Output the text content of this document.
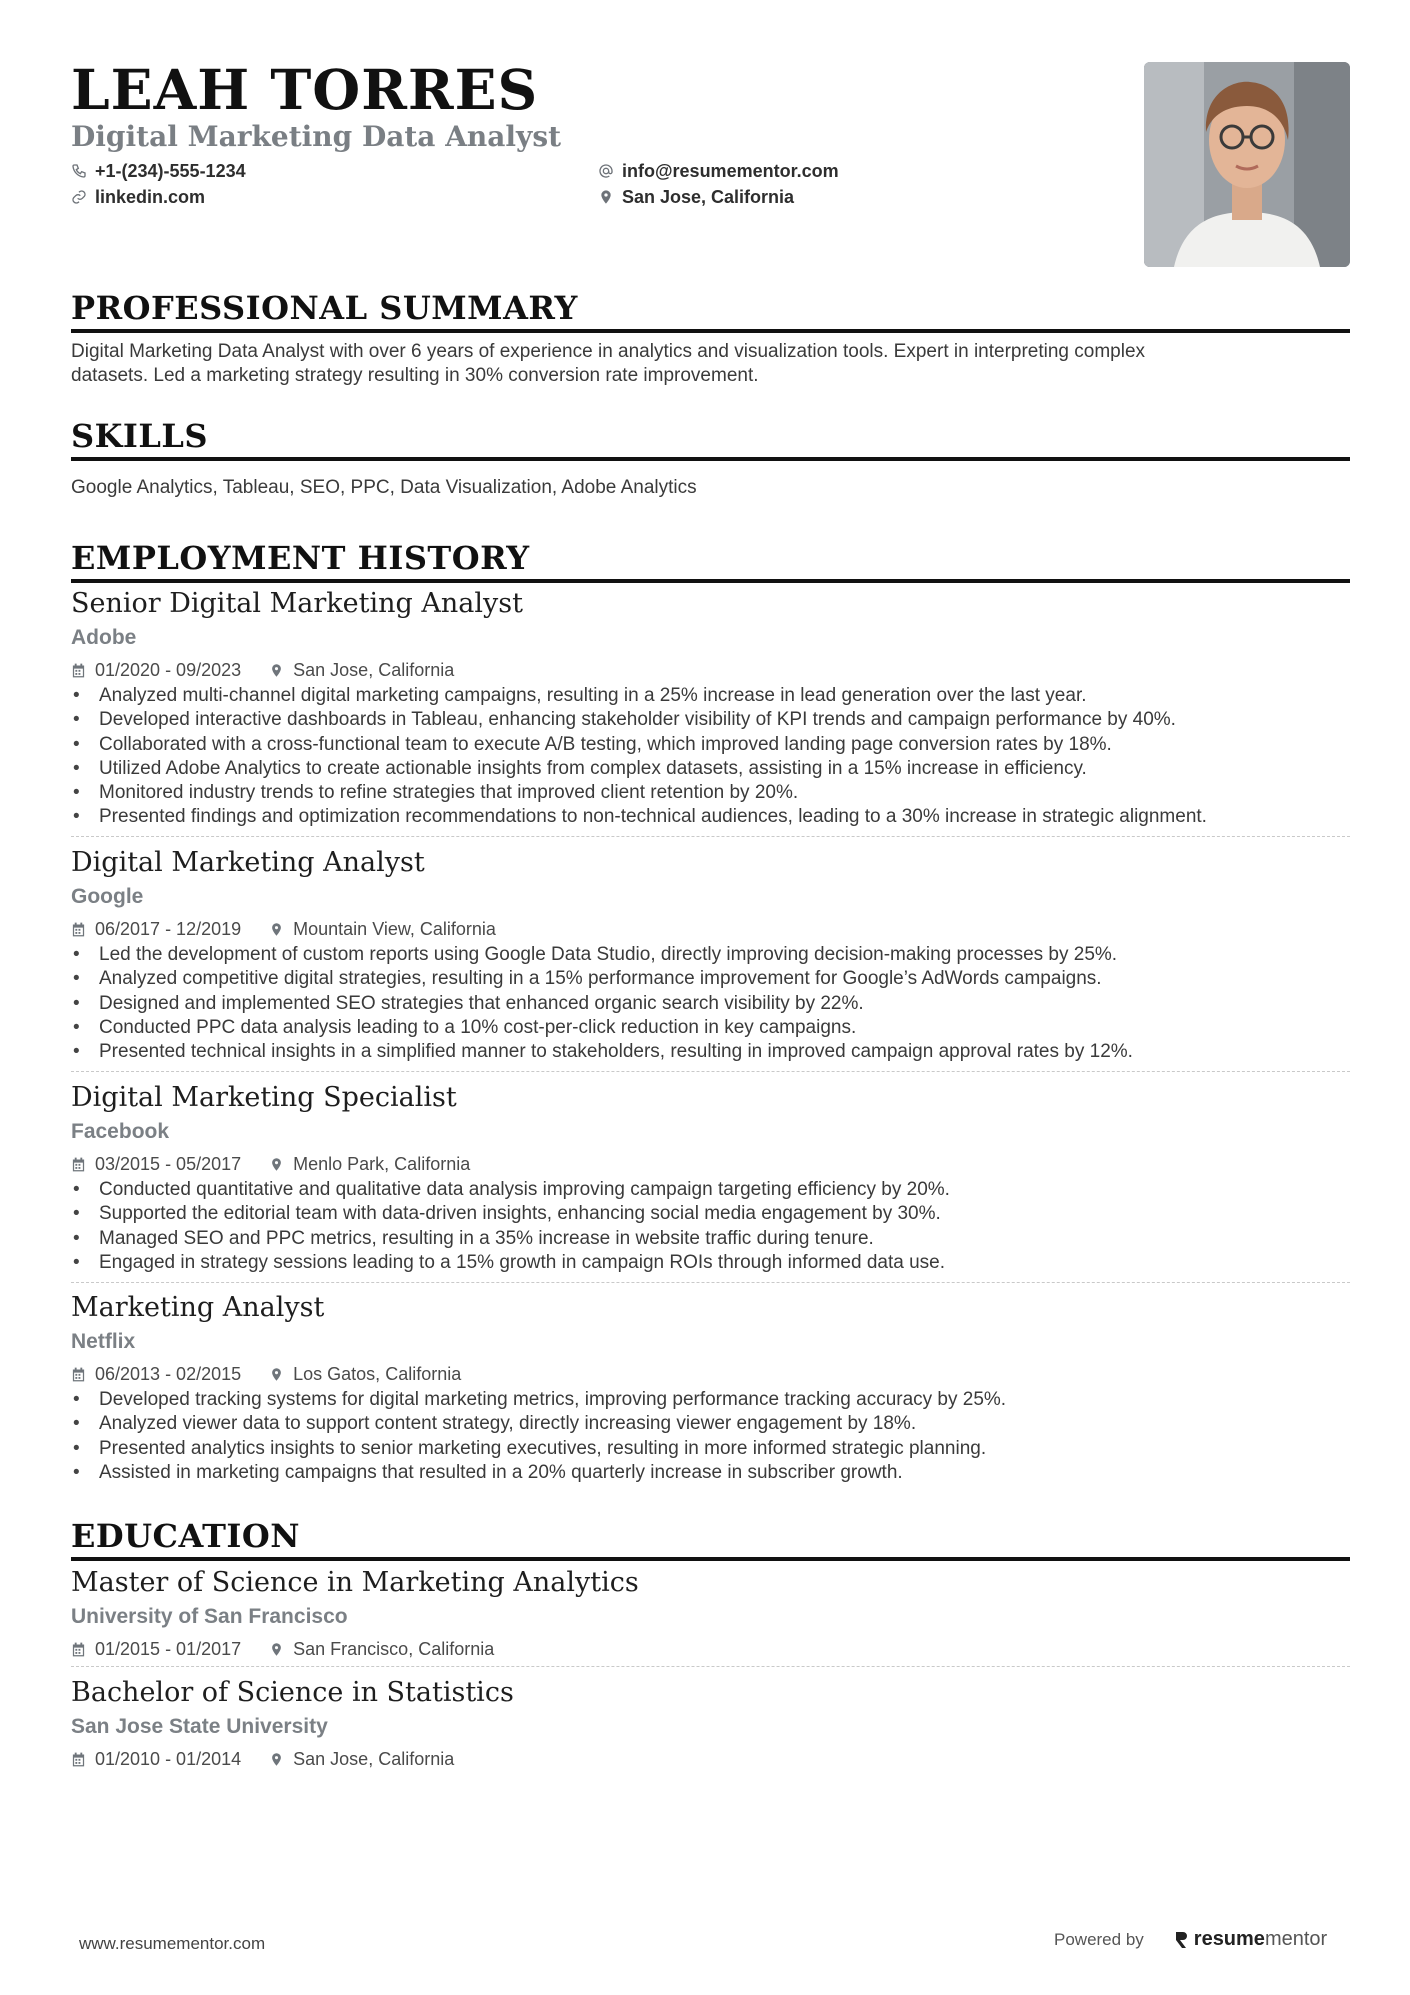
LEAH TORRES
Digital Marketing Data Analyst
+1-(234)-555-1234
linkedin.com
info@resumementor.com
San Jose, California
PROFESSIONAL SUMMARY
Digital Marketing Data Analyst with over 6 years of experience in analytics and visualization tools. Expert in interpreting complex
datasets. Led a marketing strategy resulting in 30% conversion rate improvement.
SKILLS
Google Analytics, Tableau, SEO, PPC, Data Visualization, Adobe Analytics
EMPLOYMENT HISTORY
Senior Digital Marketing Analyst
Adobe
01/2020 - 09/2023	San Jose, California
• Analyzed multi-channel digital marketing campaigns, resulting in a 25% increase in lead generation over the last year.
• Developed interactive dashboards in Tableau, enhancing stakeholder visibility of KPI trends and campaign performance by 40%.
• Collaborated with a cross-functional team to execute A/B testing, which improved landing page conversion rates by 18%.
• Utilized Adobe Analytics to create actionable insights from complex datasets, assisting in a 15% increase in efficiency.
• Monitored industry trends to refine strategies that improved client retention by 20%.
• Presented findings and optimization recommendations to non-technical audiences, leading to a 30% increase in strategic alignment.
Digital Marketing Analyst
Google
06/2017 - 12/2019	Mountain View, California
• Led the development of custom reports using Google Data Studio, directly improving decision-making processes by 25%.
• Analyzed competitive digital strategies, resulting in a 15% performance improvement for Google’s AdWords campaigns.
• Designed and implemented SEO strategies that enhanced organic search visibility by 22%.
• Conducted PPC data analysis leading to a 10% cost-per-click reduction in key campaigns.
• Presented technical insights in a simplified manner to stakeholders, resulting in improved campaign approval rates by 12%.
Digital Marketing Specialist
Facebook
03/2015 - 05/2017	Menlo Park, California
• Conducted quantitative and qualitative data analysis improving campaign targeting efficiency by 20%.
• Supported the editorial team with data-driven insights, enhancing social media engagement by 30%.
• Managed SEO and PPC metrics, resulting in a 35% increase in website traffic during tenure.
• Engaged in strategy sessions leading to a 15% growth in campaign ROIs through informed data use.
Marketing Analyst
Netflix
06/2013 - 02/2015	Los Gatos, California
• Developed tracking systems for digital marketing metrics, improving performance tracking accuracy by 25%.
• Analyzed viewer data to support content strategy, directly increasing viewer engagement by 18%.
• Presented analytics insights to senior marketing executives, resulting in more informed strategic planning.
• Assisted in marketing campaigns that resulted in a 20% quarterly increase in subscriber growth.
EDUCATION
Master of Science in Marketing Analytics
University of San Francisco
01/2015 - 01/2017	San Francisco, California
Bachelor of Science in Statistics
San Jose State University
01/2010 - 01/2014	San Jose, California
www.resumementor.com	Powered by	resume mentor
